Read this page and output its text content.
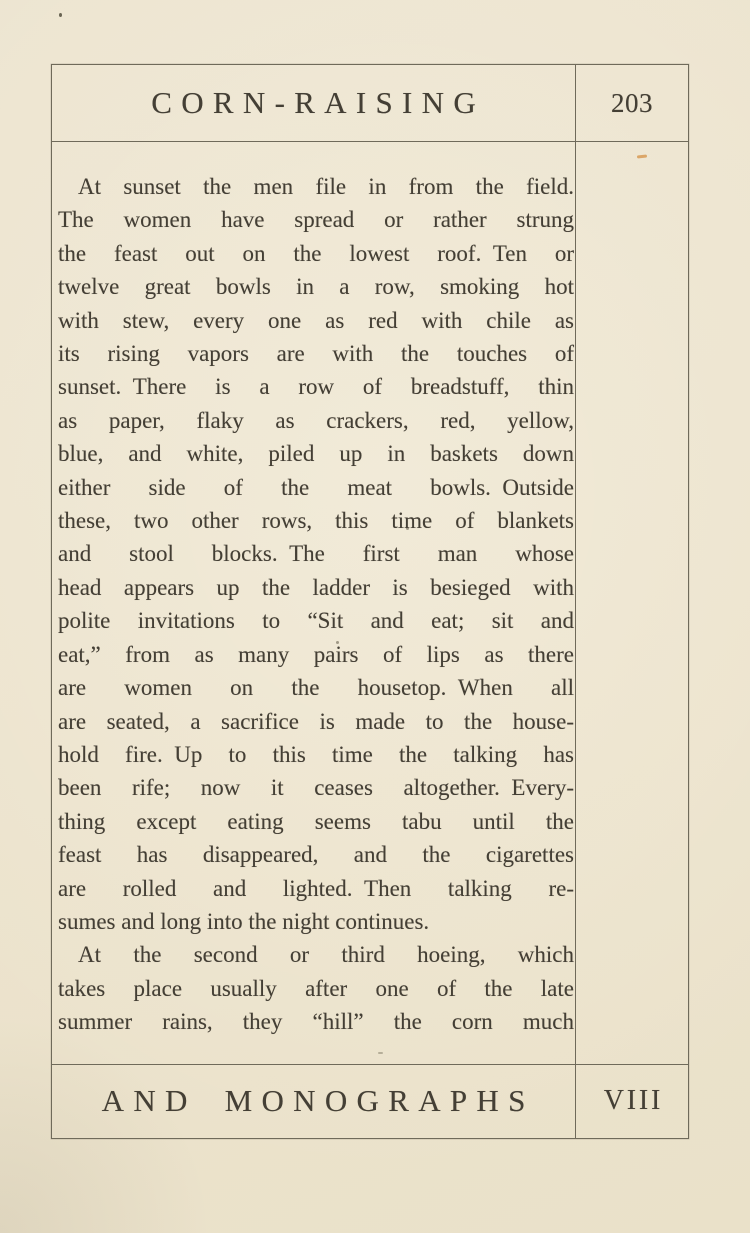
CORN-RAISING	203
At sunset the men file in from the field.
The women have spread or rather strung
the feast out on the lowest roof. Ten or
twelve great bowls in a row, smoking hot
with stew, every one as red with chile as
its rising vapors are with the touches of
sunset. There is a row of breadstuff, thin
as paper, flaky as crackers, red, yellow,
blue, and white, piled up in baskets down
either side of the meat bowls. Outside
these, two other rows, this time of blankets
and stool blocks. The first man whose
head appears up the ladder is besieged with
polite invitations to “Sit and eat; sit and
eat,” from as many pairs of lips as there
are women on the housetop. When all
are seated, a sacrifice is made to the house-
hold fire. Up to this time the talking has
been rife; now it ceases altogether. Every-
thing except eating seems tabu until the
feast has disappeared, and the cigarettes
are rolled and lighted. Then talking re-
sumes and long into the night continues.
At the second or third hoeing, which
takes place usually after one of the late
summer rains, they “hill” the corn much
AND MONOGRAPHS VIII
